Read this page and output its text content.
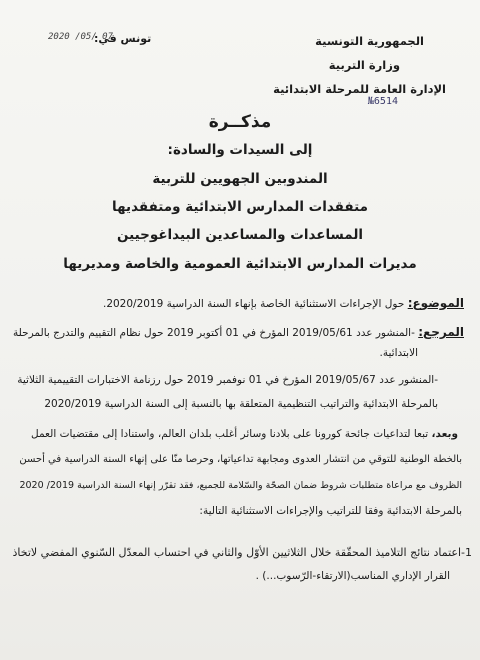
الجمهورية التونسية
وزارة التربية
الإدارة العامة للمرحلة الابتدائية
№6514
تونس في:
2020 /05/ 07
مذكــرة
إلى السيدات والسادة:
المندوبين الجهويين للتربية
متفقدات المدارس الابتدائية ومتفقديها
المساعدات والمساعدين البيداغوجيين
مديرات المدارس الابتدائية العمومية والخاصة ومديريها
الموضوع: حول الإجراءات الاستثنائية الخاصة بإنهاء السنة الدراسية 2020/2019.
المرجع: -المنشور عدد 2019/05/61 المؤرخ في 01 أكتوبر 2019 حول نظام التقييم والتدرج بالمرحلة
الابتدائية.
-المنشور عدد 2019/05/67 المؤرخ في 01 نوفمبر 2019 حول رزنامة الاختبارات التقييمية الثلاثية
بالمرحلة الابتدائية والتراتيب التنظيمية المتعلقة بها بالنسبة إلى السنة الدراسية 2020/2019
وبعد، تبعا لتداعيات جائحة كورونا على بلادنا وسائر أغلب بلدان العالم، واستنادا إلى مقتضيات العمل
بالخطة الوطنية للتوقي من انتشار العدوى ومجابهة تداعياتها، وحرصا منّا على إنهاء السنة الدراسية في أحسن
الظروف مع مراعاة متطلبات شروط ضمان الصحّة والسّلامة للجميع، فقد تقرّر إنهاء السنة الدراسية 2019/ 2020
بالمرحلة الابتدائية وفقا للتراتيب والإجراءات الاستثنائية التالية:
1-اعتماد نتائج التلاميذ المحقّقة خلال الثلاثيين الأوّل والثاني في احتساب المعدّل السّنوي المفضي لاتخاذ
القرار الإداري المناسب(الارتقاء-الرّسوب...) .
